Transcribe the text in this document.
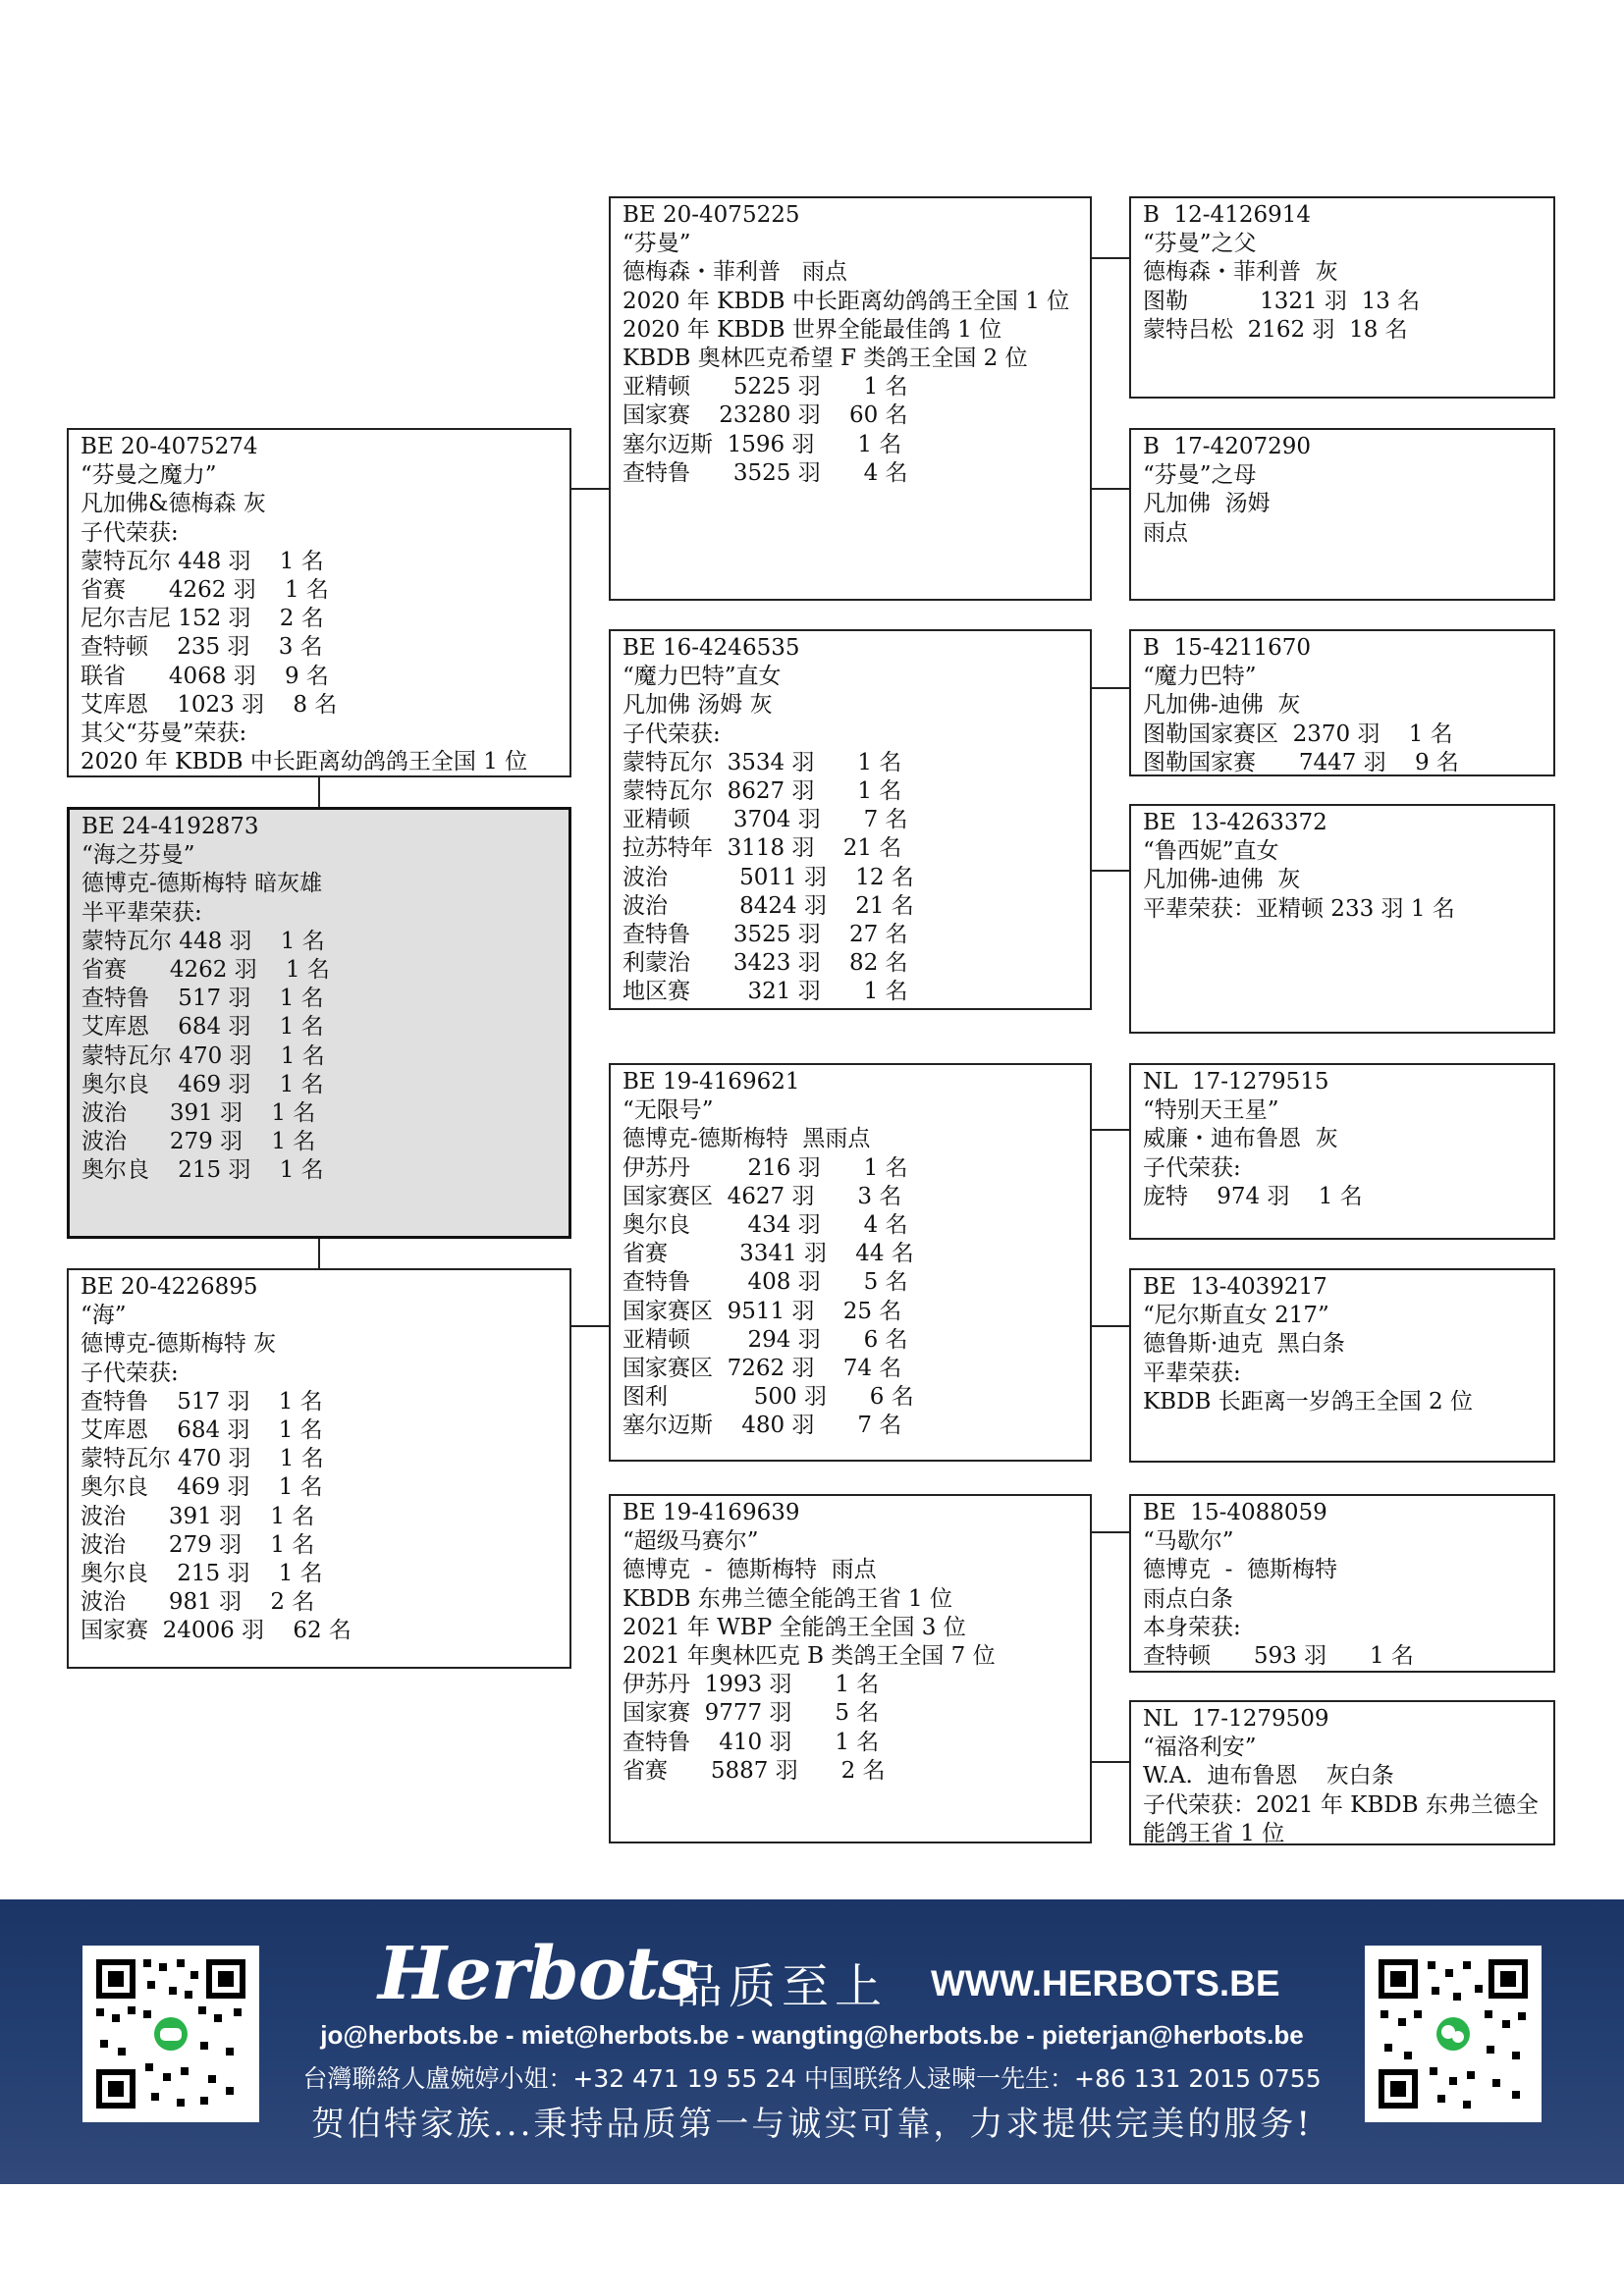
BE 20-4075225
“芬曼”
德梅森・菲利普   雨点
2020 年 KBDB 中长距离幼鸽鸽王全国 1 位
2020 年 KBDB 世界全能最佳鸽 1 位
KBDB 奥林匹克希望 F 类鸽王全国 2 位
亚精顿      5225 羽      1 名
国家赛    23280 羽    60 名
塞尔迈斯  1596 羽      1 名
查特鲁      3525 羽      4 名
BE 16-4246535
“魔力巴特”直女
凡加佛 汤姆 灰
子代荣获:
蒙特瓦尔  3534 羽      1 名
蒙特瓦尔  8627 羽      1 名
亚精顿      3704 羽      7 名
拉苏特年  3118 羽    21 名
波治          5011 羽    12 名
波治          8424 羽    21 名
查特鲁      3525 羽    27 名
利蒙治      3423 羽    82 名
地区赛        321 羽      1 名
BE 19-4169621
“无限号”
德博克-德斯梅特  黑雨点
伊苏丹        216 羽      1 名
国家赛区  4627 羽      3 名
奥尔良        434 羽      4 名
省赛          3341 羽    44 名
查特鲁        408 羽      5 名
国家赛区  9511 羽    25 名
亚精顿        294 羽      6 名
国家赛区  7262 羽    74 名
图利            500 羽      6 名
塞尔迈斯    480 羽      7 名
BE 19-4169639
“超级马赛尔”
德博克  -  德斯梅特  雨点
KBDB 东弗兰德全能鸽王省 1 位
2021 年 WBP 全能鸽王全国 3 位
2021 年奥林匹克 B 类鸽王全国 7 位
伊苏丹  1993 羽      1 名
国家赛  9777 羽      5 名
查特鲁    410 羽      1 名
省赛      5887 羽      2 名
BE 20-4075274
“芬曼之魔力”
凡加佛&德梅森 灰
子代荣获:
蒙特瓦尔 448 羽    1 名
省赛      4262 羽    1 名
尼尔吉尼 152 羽    2 名
查特顿    235 羽    3 名
联省      4068 羽    9 名
艾库恩    1023 羽    8 名
其父“芬曼”荣获:
2020 年 KBDB 中长距离幼鸽鸽王全国 1 位
BE 24-4192873
“海之芬曼”
德博克-德斯梅特 暗灰雄
半平辈荣获:
蒙特瓦尔 448 羽    1 名
省赛      4262 羽    1 名
查特鲁    517 羽    1 名
艾库恩    684 羽    1 名
蒙特瓦尔 470 羽    1 名
奥尔良    469 羽    1 名
波治      391 羽    1 名
波治      279 羽    1 名
奥尔良    215 羽    1 名
BE 20-4226895
“海”
德博克-德斯梅特 灰
子代荣获:
查特鲁    517 羽    1 名
艾库恩    684 羽    1 名
蒙特瓦尔 470 羽    1 名
奥尔良    469 羽    1 名
波治      391 羽    1 名
波治      279 羽    1 名
奥尔良    215 羽    1 名
波治      981 羽    2 名
国家赛  24006 羽    62 名
B  12-4126914
“芬曼”之父
德梅森・菲利普  灰
图勒          1321 羽  13 名
蒙特吕松  2162 羽  18 名
B  17-4207290
“芬曼”之母
凡加佛  汤姆
雨点
B  15-4211670
“魔力巴特”
凡加佛-迪佛  灰
图勒国家赛区  2370 羽    1 名
图勒国家赛      7447 羽    9 名
BE  13-4263372
“鲁西妮”直女
凡加佛-迪佛  灰
平辈荣获：亚精顿 233 羽 1 名
NL  17-1279515
“特别天王星”
威廉・迪布鲁恩  灰
子代荣获:
庞特    974 羽    1 名
BE  13-4039217
“尼尔斯直女 217”
德鲁斯·迪克  黑白条
平辈荣获:
KBDB 长距离一岁鸽王全国 2 位
BE  15-4088059
“马歇尔”
德博克  -  德斯梅特
雨点白条
本身荣获:
查特顿      593 羽      1 名
NL  17-1279509
“福洛利安”
W.A.  迪布鲁恩    灰白条
子代荣获：2021 年 KBDB 东弗兰德全
能鸽王省 1 位
Herbots
品质至上 WWW.HERBOTS.BE
jo@herbots.be - miet@herbots.be - wangting@herbots.be - pieterjan@herbots.be
台灣聯絡人盧婉婷小姐：+32 471 19 55 24 中国联络人逯暕一先生：+86 131 2015 0755
贺伯特家族...秉持品质第一与诚实可靠，力求提供完美的服务!
